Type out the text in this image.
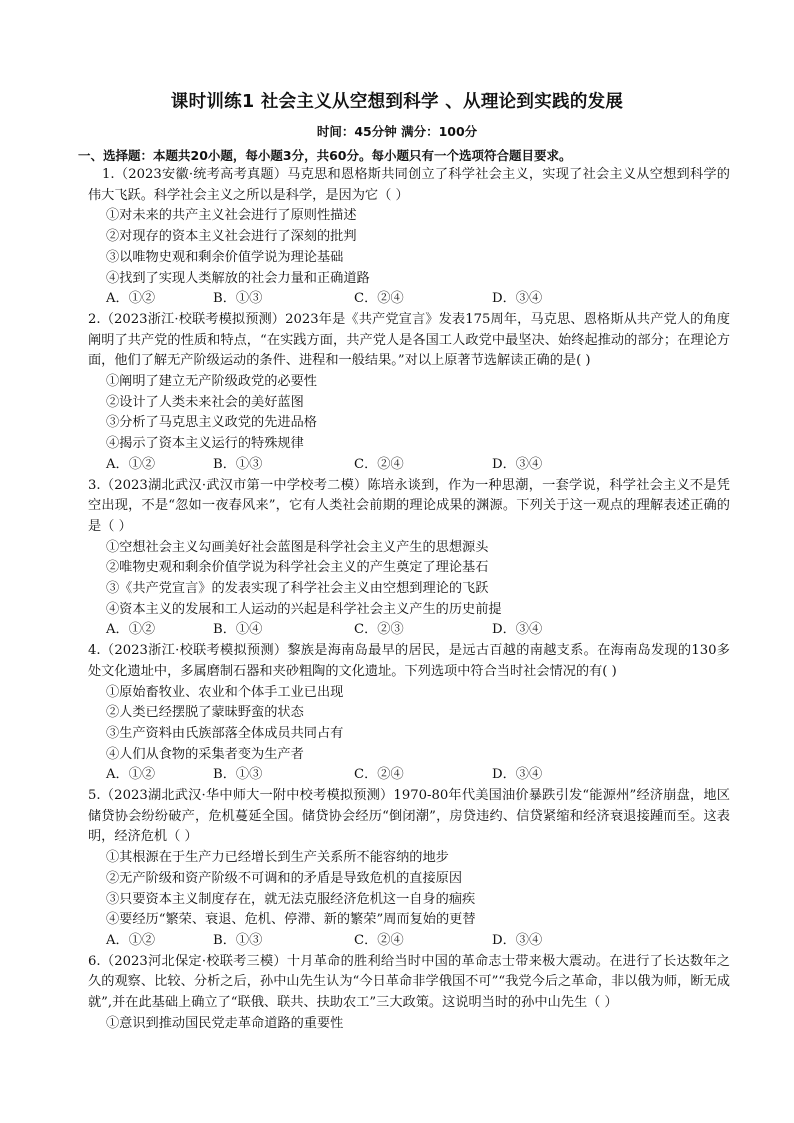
课时训练1 社会主义从空想到科学 、从理论到实践的发展
时间：45分钟 满分：100分
一、选择题：本题共20小题，每小题3分，共60分。每小题只有一个选项符合题目要求。
1.（2023安徽·统考高考真题）马克思和恩格斯共同创立了科学社会主义，实现了社会主义从空想到科学的伟大飞跃。科学社会主义之所以是科学，是因为它（ ）
①对未来的共产主义社会进行了原则性描述
②对现存的资本主义社会进行了深刻的批判
③以唯物史观和剩余价值学说为理论基础
④找到了实现人类解放的社会力量和正确道路
A．①②	B．①③	C．②④	D．③④
2.（2023浙江·校联考模拟预测）2023年是《共产党宣言》发表175周年，马克思、恩格斯从共产党人的角度阐明了共产党的性质和特点，“在实践方面，共产党人是各国工人政党中最坚决、始终起推动的部分；在理论方面，他们了解无产阶级运动的条件、进程和一般结果。”对以上原著节选解读正确的是( )
①阐明了建立无产阶级政党的必要性
②设计了人类未来社会的美好蓝图
③分析了马克思主义政党的先进品格
④揭示了资本主义运行的特殊规律
A．①②	B．①③	C．②④	D．③④
3.（2023湖北武汉·武汉市第一中学校考二模）陈培永谈到，作为一种思潮，一套学说，科学社会主义不是凭空出现，不是“忽如一夜春风来”，它有人类社会前期的理论成果的渊源。下列关于这一观点的理解表述正确的是（ ）
①空想社会主义勾画美好社会蓝图是科学社会主义产生的思想源头
②唯物史观和剩余价值学说为科学社会主义的产生奠定了理论基石
③《共产党宣言》的发表实现了科学社会主义由空想到理论的飞跃
④资本主义的发展和工人运动的兴起是科学社会主义产生的历史前提
A．①②	B．①④	C．②③	D．③④
4.（2023浙江·校联考模拟预测）黎族是海南岛最早的居民，是远古百越的南越支系。在海南岛发现的130多处文化遗址中，多属磨制石器和夹砂粗陶的文化遗址。下列选项中符合当时社会情况的有( )
①原始畜牧业、农业和个体手工业已出现
②人类已经摆脱了蒙昧野蛮的状态
③生产资料由氏族部落全体成员共同占有
④人们从食物的采集者变为生产者
A．①②	B．①③	C．②④	D．③④
5.（2023湖北武汉·华中师大一附中校考模拟预测）1970-80年代美国油价暴跌引发“能源州”经济崩盘，地区储贷协会纷纷破产，危机蔓延全国。储贷协会经历“倒闭潮”，房贷违约、信贷紧缩和经济衰退接踵而至。这表明，经济危机（ ）
①其根源在于生产力已经增长到生产关系所不能容纳的地步
②无产阶级和资产阶级不可调和的矛盾是导致危机的直接原因
③只要资本主义制度存在，就无法克服经济危机这一自身的痼疾
④要经历“繁荣、衰退、危机、停滞、新的繁荣”周而复始的更替
A．①②	B．①③	C．②④	D．③④
6.（2023河北保定·校联考三模）十月革命的胜利给当时中国的革命志士带来极大震动。在进行了长达数年之久的观察、比较、分析之后，孙中山先生认为“今日革命非学俄国不可”“我党今后之革命，非以俄为师，断无成就”,并在此基础上确立了“联俄、联共、扶助农工”三大政策。这说明当时的孙中山先生（ ）
①意识到推动国民党走革命道路的重要性
